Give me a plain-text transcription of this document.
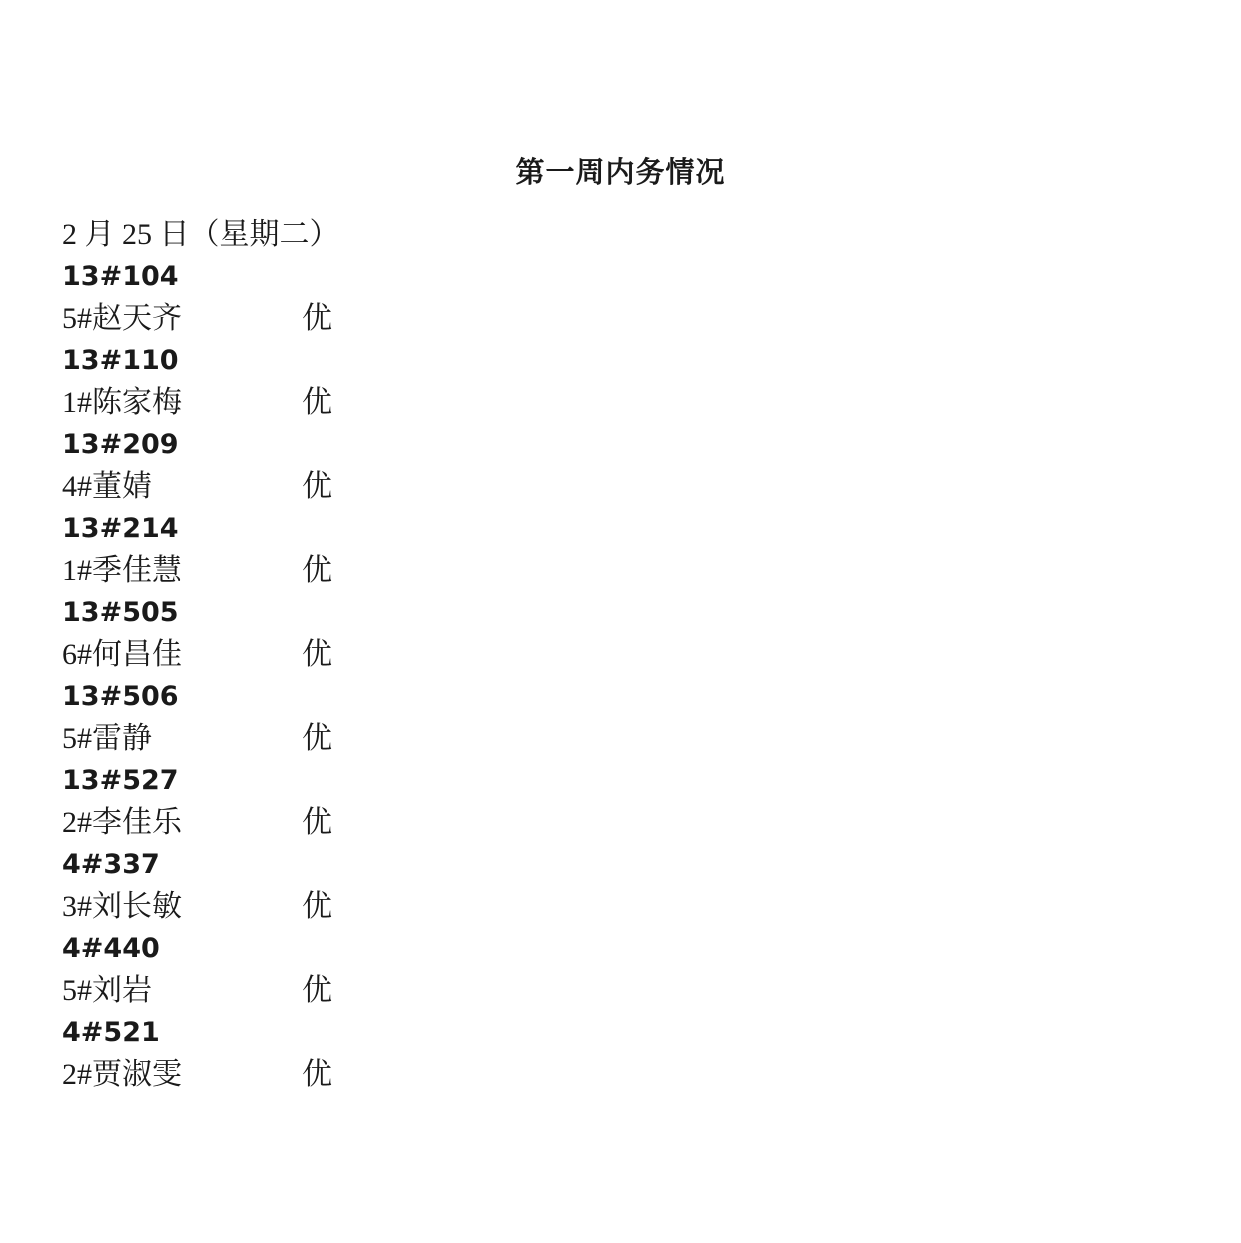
第一周内务情况
2 月 25 日（星期二）
13#104
5#赵天齐	优
13#110
1#陈家梅	优
13#209
4#董婧	优
13#214
1#季佳慧	优
13#505
6#何昌佳	优
13#506
5#雷静	优
13#527
2#李佳乐	优
4#337
3#刘长敏	优
4#440
5#刘岩	优
4#521
2#贾淑雯	优
